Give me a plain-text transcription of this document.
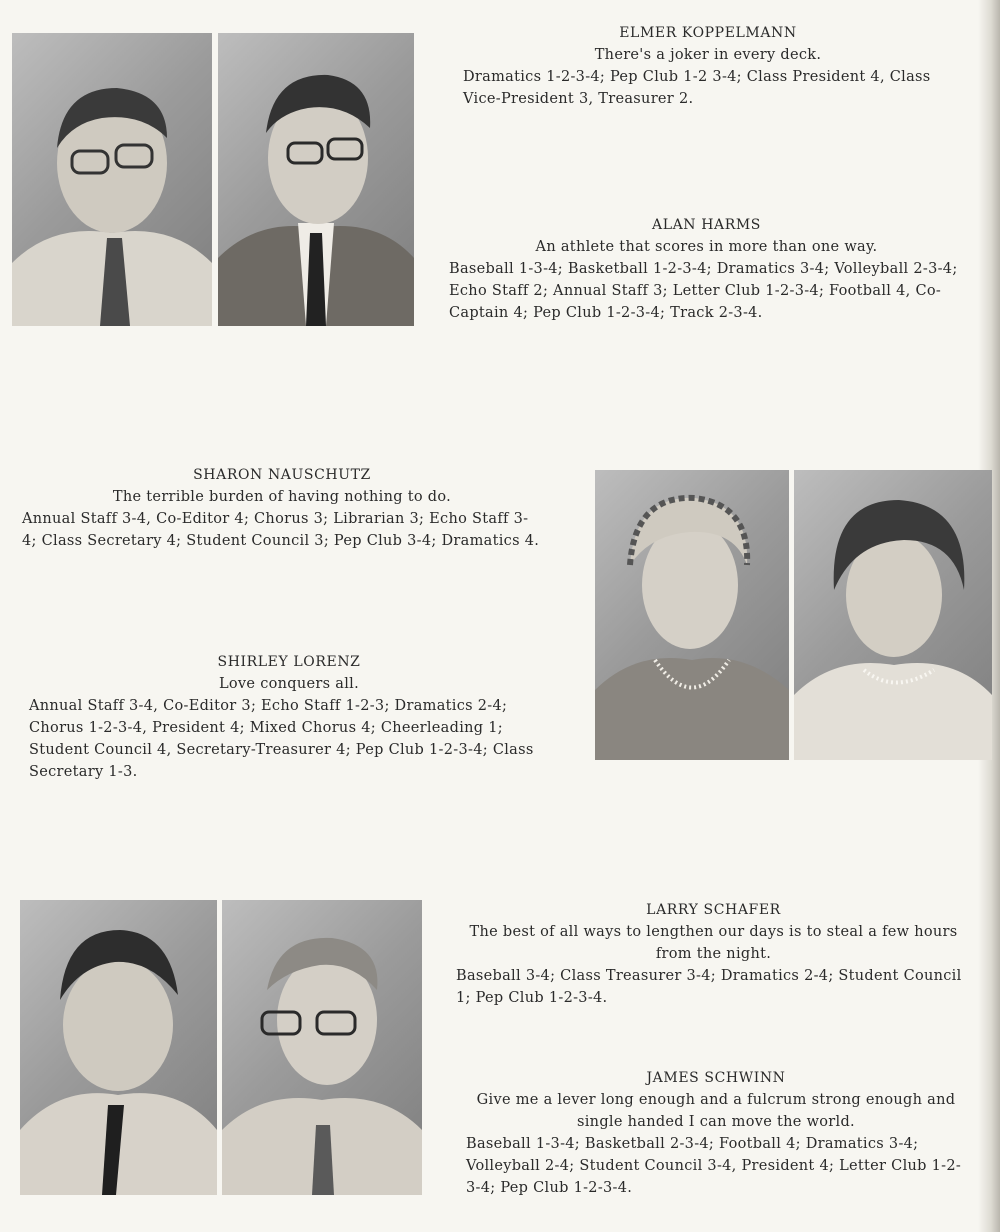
ELMER KOPPELMANN
There's a joker in every deck.
Dramatics 1-2-3-4; Pep Club 1-2 3-4; Class President 4, Class Vice-President 3, Treasurer 2.
ALAN HARMS
An athlete that scores in more than one way.
Baseball 1-3-4; Basketball 1-2-3-4; Dramatics 3-4; Volleyball 2-3-4; Echo Staff 2; Annual Staff 3; Letter Club 1-2-3-4; Football 4, Co-Captain 4; Pep Club 1-2-3-4; Track 2-3-4.
SHARON NAUSCHUTZ
The terrible burden of having nothing to do.
Annual Staff 3-4, Co-Editor 4; Chorus 3; Librarian 3; Echo Staff 3-4; Class Secretary 4; Student Council 3; Pep Club 3-4; Dramatics 4.
SHIRLEY LORENZ
Love conquers all.
Annual Staff 3-4, Co-Editor 3; Echo Staff 1-2-3; Dramatics 2-4; Chorus 1-2-3-4, President 4; Mixed Chorus 4; Cheerleading 1; Student Council 4, Secretary-Treasurer 4; Pep Club 1-2-3-4; Class Secretary 1-3.
LARRY SCHAFER
The best of all ways to lengthen our days is to steal a few hours from the night.
Baseball 3-4; Class Treasurer 3-4; Dramatics 2-4; Student Council 1; Pep Club 1-2-3-4.
JAMES SCHWINN
Give me a lever long enough and a fulcrum strong enough and single handed I can move the world.
Baseball 1-3-4; Basketball 2-3-4; Football 4; Dramatics 3-4; Volleyball 2-4; Student Council 3-4, President 4; Letter Club 1-2-3-4; Pep Club 1-2-3-4.
